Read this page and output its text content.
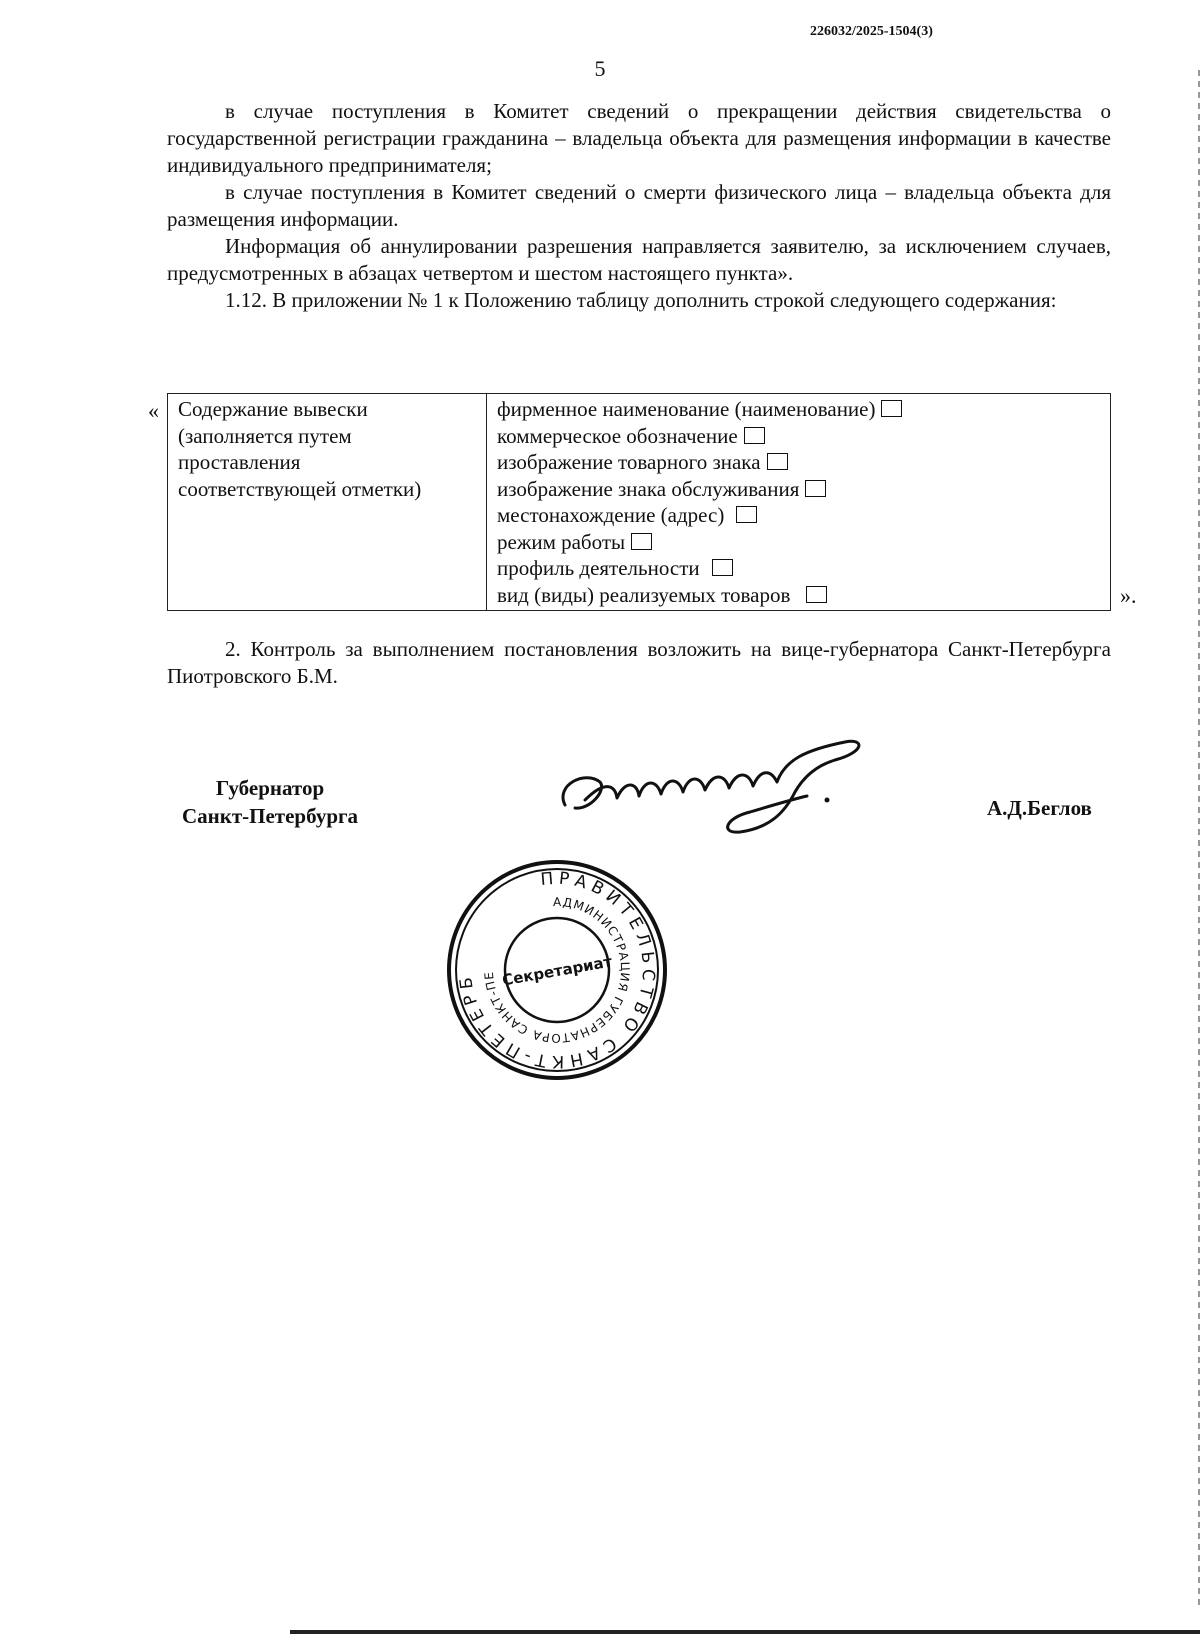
226032/2025-1504(3)
5

в случае поступления в Комитет сведений о прекращении действия свидетельства о государственной регистрации гражданина – владельца объекта для размещения информации в качестве индивидуального предпринимателя;

в случае поступления в Комитет сведений о смерти физического лица – владельца объекта для размещения информации.

Информация об аннулировании разрешения направляется заявителю, за исключением случаев, предусмотренных в абзацах четвертом и шестом настоящего пункта».

1.12. В приложении № 1 к Положению таблицу дополнить строкой следующего содержания:

« Содержание вывески
(заполняется путем
проставления
соответствующей отметки)

фирменное наименование (наименование)
коммерческое обозначение
изображение товарного знака
изображение знака обслуживания
местонахождение (адрес)
режим работы
профиль деятельности
вид (виды) реализуемых товаров	».

2. Контроль за выполнением постановления возложить на вице-губернатора Санкт-Петербурга Пиотровского Б.М.

Губернатор
Санкт-Петербурга	А.Д.Беглов
ПРАВИТЕЛЬСТВО САНКТ-ПЕТЕРБ
АДМИНИСТРАЦИЯ ГУБЕРНАТОРА САНКТ-ПЕ Секретариат
